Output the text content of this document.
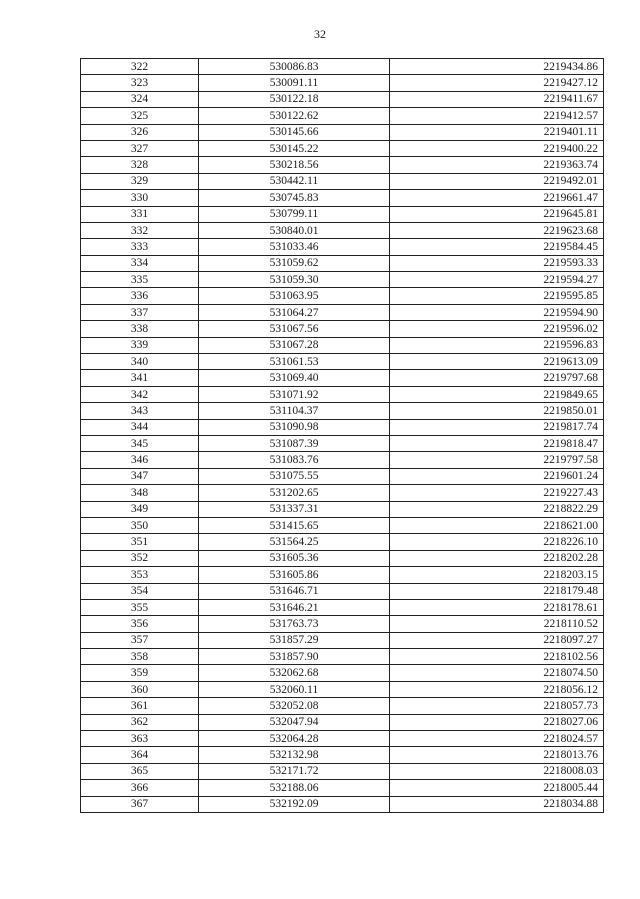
32
322	530086.83	2219434.86
323	530091.11	2219427.12
324	530122.18	2219411.67
325	530122.62	2219412.57
326	530145.66	2219401.11
327	530145.22	2219400.22
328	530218.56	2219363.74
329	530442.11	2219492.01
330	530745.83	2219661.47
331	530799.11	2219645.81
332	530840.01	2219623.68
333	531033.46	2219584.45
334	531059.62	2219593.33
335	531059.30	2219594.27
336	531063.95	2219595.85
337	531064.27	2219594.90
338	531067.56	2219596.02
339	531067.28	2219596.83
340	531061.53	2219613.09
341	531069.40	2219797.68
342	531071.92	2219849.65
343	531104.37	2219850.01
344	531090.98	2219817.74
345	531087.39	2219818.47
346	531083.76	2219797.58
347	531075.55	2219601.24
348	531202.65	2219227.43
349	531337.31	2218822.29
350	531415.65	2218621.00
351	531564.25	2218226.10
352	531605.36	2218202.28
353	531605.86	2218203.15
354	531646.71	2218179.48
355	531646.21	2218178.61
356	531763.73	2218110.52
357	531857.29	2218097.27
358	531857.90	2218102.56
359	532062.68	2218074.50
360	532060.11	2218056.12
361	532052.08	2218057.73
362	532047.94	2218027.06
363	532064.28	2218024.57
364	532132.98	2218013.76
365	532171.72	2218008.03
366	532188.06	2218005.44
367	532192.09	2218034.88
